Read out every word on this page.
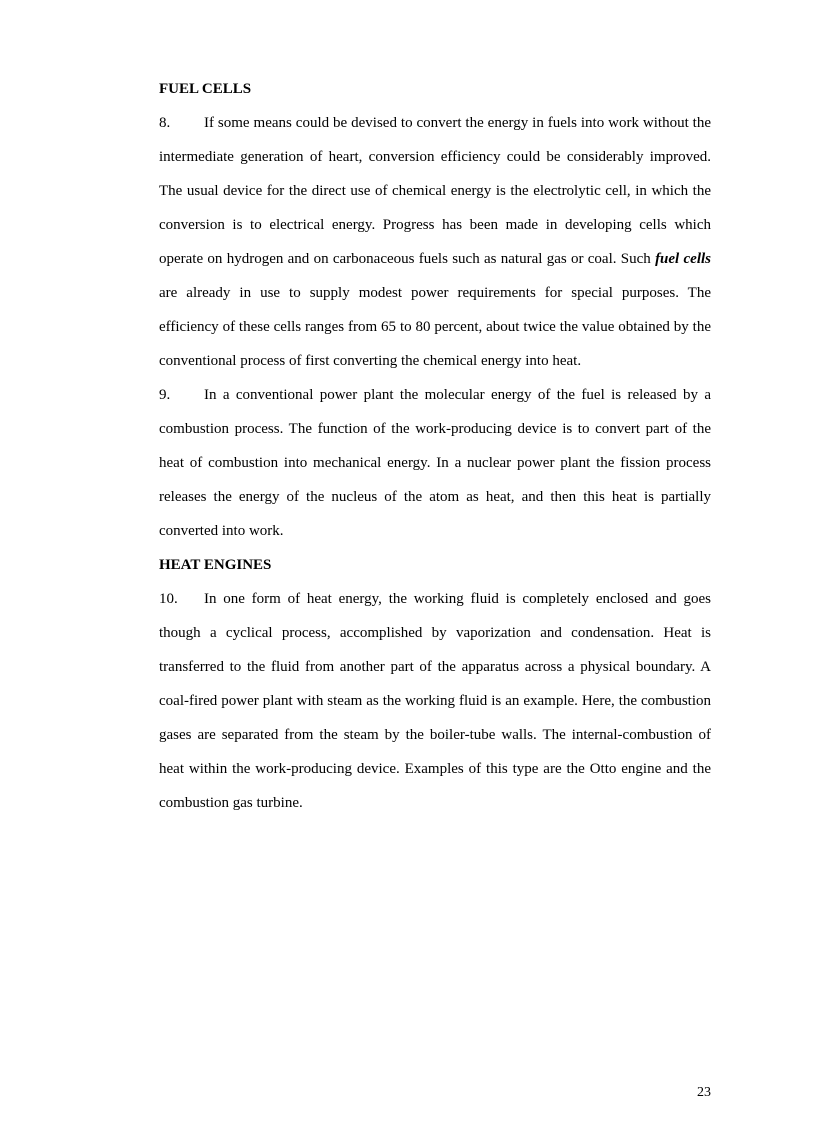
FUEL CELLS

8. If some means could be devised to convert the energy in fuels into work without the intermediate generation of heart, conversion efficiency could be considerably improved. The usual device for the direct use of chemical energy is the electrolytic cell, in which the conversion is to electrical energy. Progress has been made in developing cells which operate on hydrogen and on carbonaceous fuels such as natural gas or coal. Such fuel cells are already in use to supply modest power requirements for special purposes. The efficiency of these cells ranges from 65 to 80 percent, about twice the value obtained by the conventional process of first converting the chemical energy into heat.

9. In a conventional power plant the molecular energy of the fuel is released by a combustion process. The function of the work-producing device is to convert part of the heat of combustion into mechanical energy. In a nuclear power plant the fission process releases the energy of the nucleus of the atom as heat, and then this heat is partially converted into work.

HEAT ENGINES

10. In one form of heat energy, the working fluid is completely enclosed and goes though a cyclical process, accomplished by vaporization and condensation. Heat is transferred to the fluid from another part of the apparatus across a physical boundary. A coal-fired power plant with steam as the working fluid is an example. Here, the combustion gases are separated from the steam by the boiler-tube walls. The internal-combustion of heat within the work-producing device. Examples of this type are the Otto engine and the combustion gas turbine.

23
